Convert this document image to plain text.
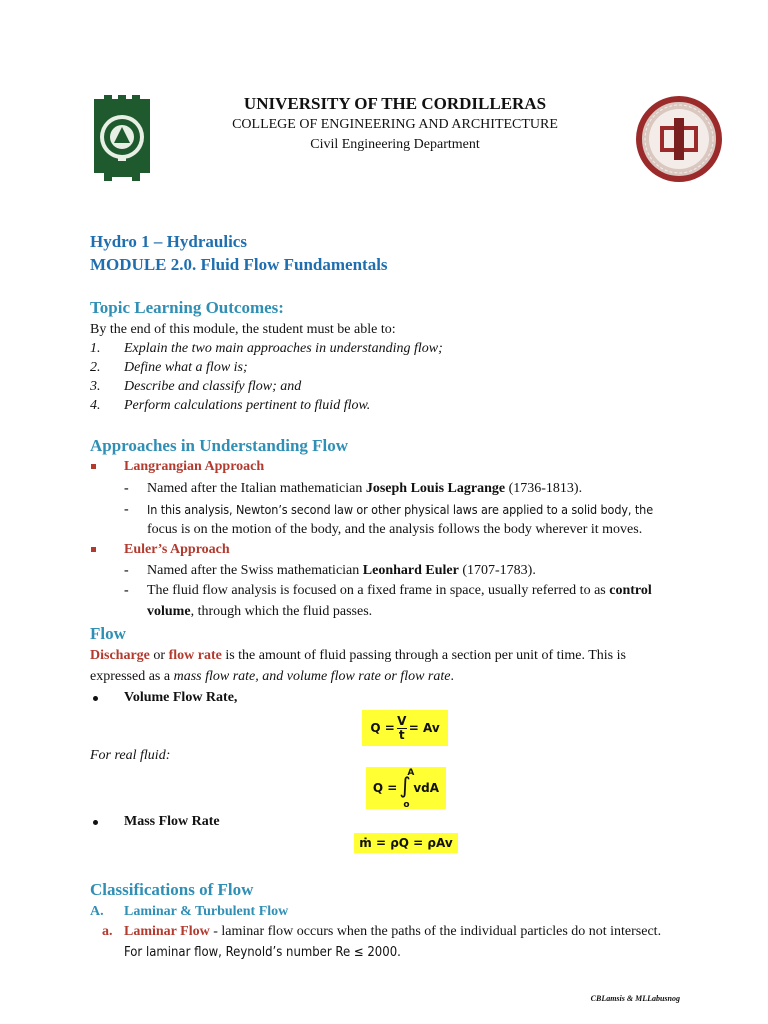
UNIVERSITY OF THE CORDILLERAS
COLLEGE OF ENGINEERING AND ARCHITECTURE
Civil Engineering Department
Hydro 1 – Hydraulics
MODULE 2.0. Fluid Flow Fundamentals
Topic Learning Outcomes:
By the end of this module, the student must be able to:
1.	Explain the two main approaches in understanding flow;
2.	Define what a flow is;
3.	Describe and classify flow; and
4.	Perform calculations pertinent to fluid flow.
Approaches in Understanding Flow
Langrangian Approach
- Named after the Italian mathematician Joseph Louis Lagrange (1736-1813).
- In this analysis, Newton’s second law or other physical laws are applied to a solid body, the
focus is on the motion of the body, and the analysis follows the body wherever it moves.
Euler’s Approach
- Named after the Swiss mathematician Leonhard Euler (1707-1783).
- The fluid flow analysis is focused on a fixed frame in space, usually referred to as control
volume, through which the fluid passes.
Flow
Discharge or flow rate is the amount of fluid passing through a section per unit of time. This is
expressed as a mass flow rate, and volume flow rate or flow rate.
Volume Flow Rate,
$Q = \frac{V}{t} = Av$
For real fluid:
Q =
A
∫
o
vdA
Mass Flow Rate
ṁ = ρQ = ρAv
Classifications of Flow
A. Laminar & Turbulent Flow
a. Laminar Flow - laminar flow occurs when the paths of the individual particles do not intersect.
For laminar flow, Reynold’s number Re ≤ 2000.
CBLamsis & MLLabusnog
